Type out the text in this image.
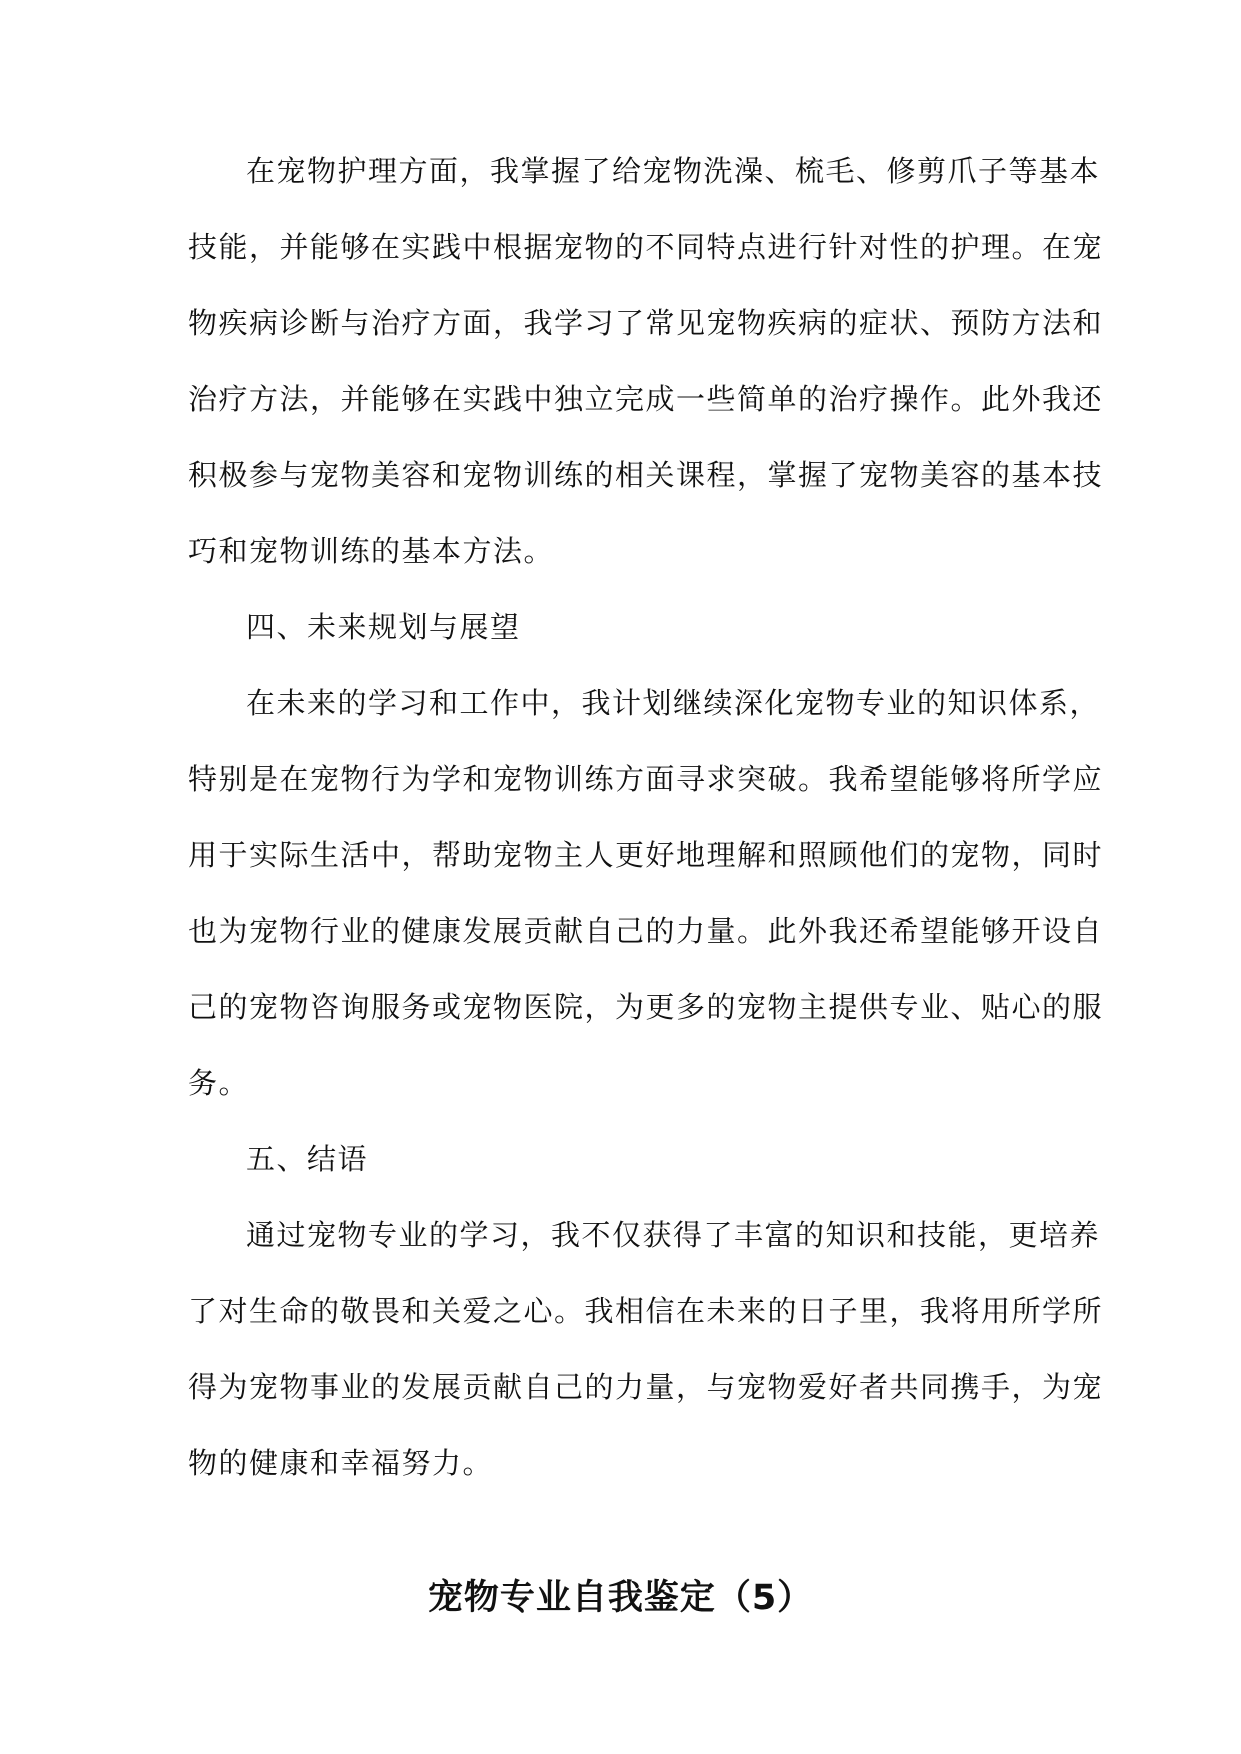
在宠物护理方面，我掌握了给宠物洗澡、梳毛、修剪爪子等基本
技能，并能够在实践中根据宠物的不同特点进行针对性的护理。在宠
物疾病诊断与治疗方面，我学习了常见宠物疾病的症状、预防方法和
治疗方法，并能够在实践中独立完成一些简单的治疗操作。此外我还
积极参与宠物美容和宠物训练的相关课程，掌握了宠物美容的基本技
巧和宠物训练的基本方法。
四、未来规划与展望
在未来的学习和工作中，我计划继续深化宠物专业的知识体系，
特别是在宠物行为学和宠物训练方面寻求突破。我希望能够将所学应
用于实际生活中，帮助宠物主人更好地理解和照顾他们的宠物，同时
也为宠物行业的健康发展贡献自己的力量。此外我还希望能够开设自
己的宠物咨询服务或宠物医院，为更多的宠物主提供专业、贴心的服
务。
五、结语
通过宠物专业的学习，我不仅获得了丰富的知识和技能，更培养
了对生命的敬畏和关爱之心。我相信在未来的日子里，我将用所学所
得为宠物事业的发展贡献自己的力量，与宠物爱好者共同携手，为宠
物的健康和幸福努力。
宠物专业自我鉴定（5）
